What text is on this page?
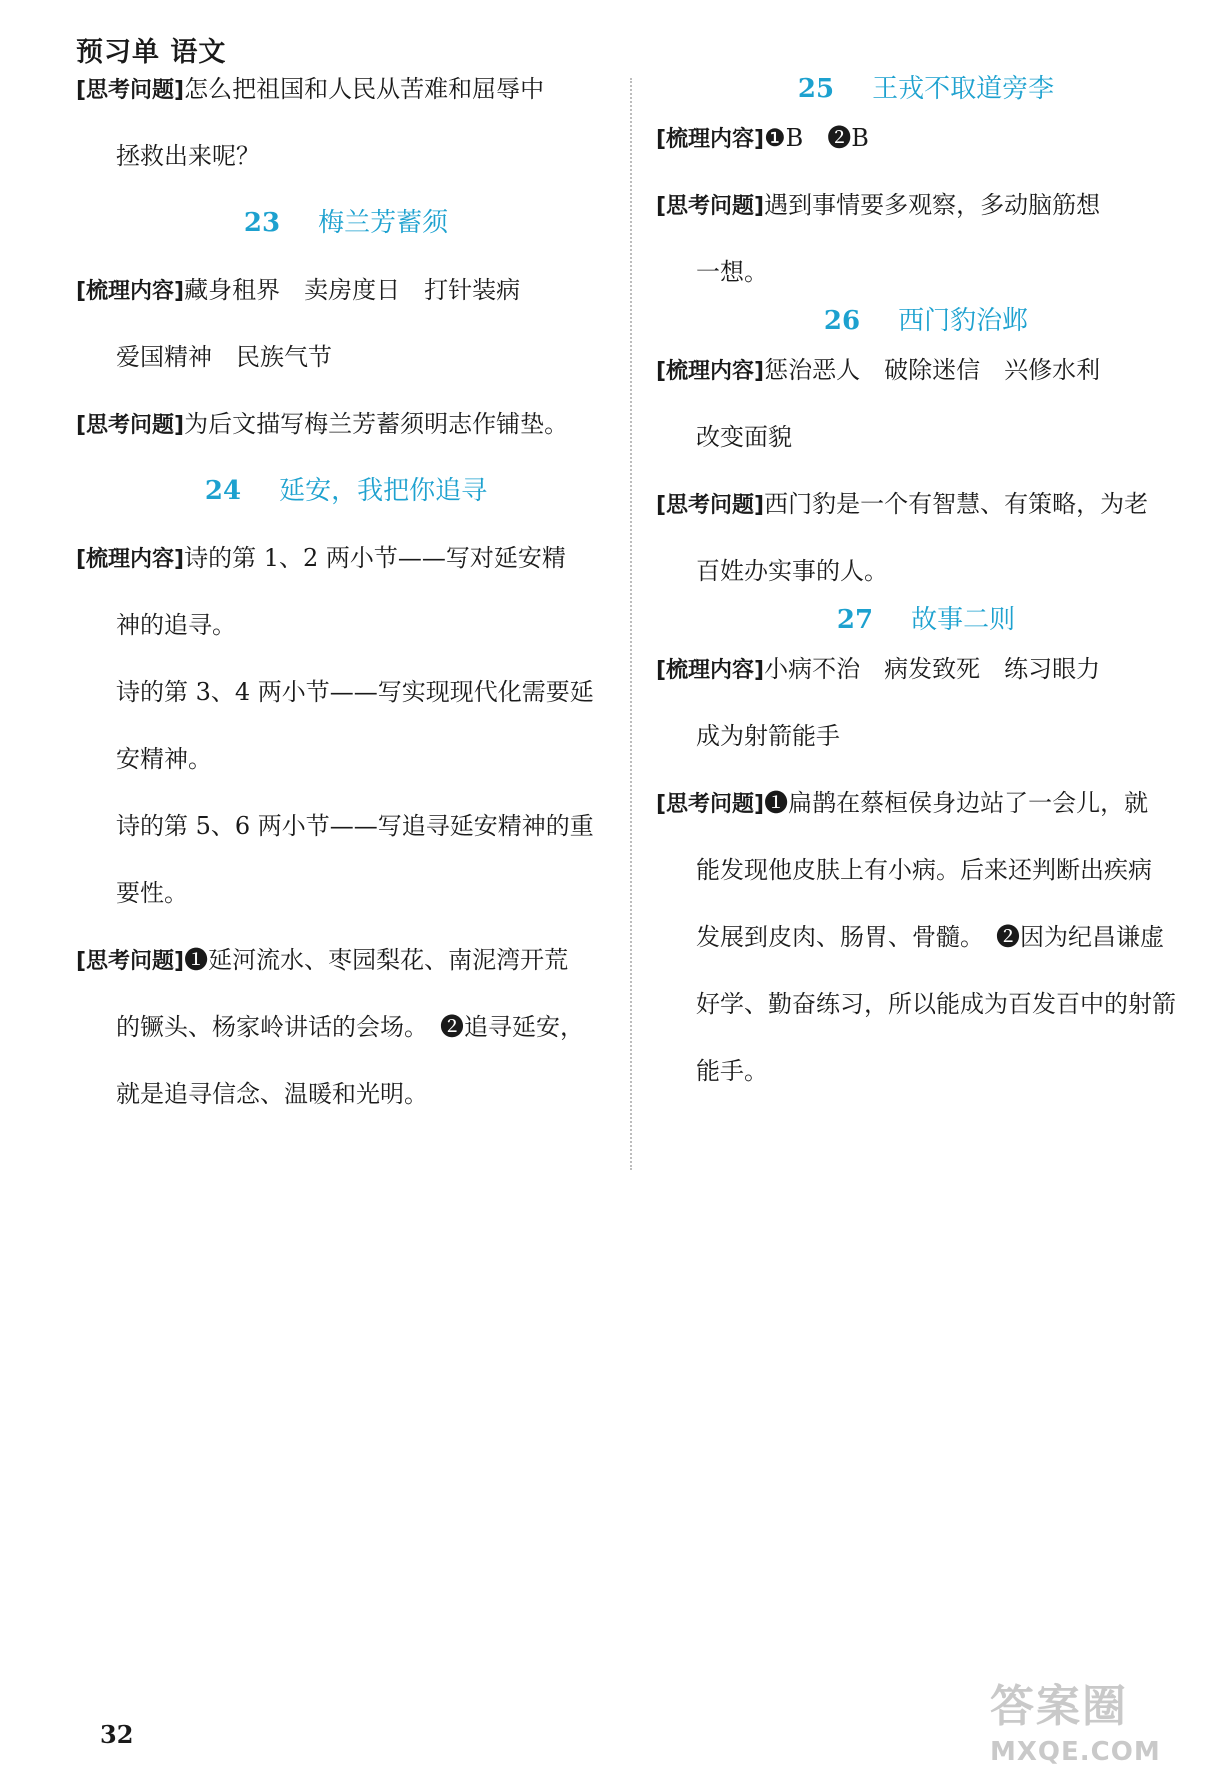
预习单 语文
[思考问题]怎么把祖国和人民从苦难和屈辱中
拯救出来呢？
23 梅兰芳蓄须
[梳理内容]藏身租界　卖房度日　打针装病
爱国精神　民族气节
[思考问题]为后文描写梅兰芳蓄须明志作铺垫。
24 延安，我把你追寻
[梳理内容]诗的第 1、2 两小节——写对延安精
神的追寻。
诗的第 3、4 两小节——写实现现代化需要延
安精神。
诗的第 5、6 两小节——写追寻延安精神的重
要性。
[思考问题]❶延河流水、枣园梨花、南泥湾开荒
的镢头、杨家岭讲话的会场。　❷追寻延安，
就是追寻信念、温暖和光明。
25 王戎不取道旁李
[梳理内容]❶B　❷B
[思考问题]遇到事情要多观察，多动脑筋想
一想。
26 西门豹治邺
[梳理内容]惩治恶人　破除迷信　兴修水利
改变面貌
[思考问题]西门豹是一个有智慧、有策略，为老
百姓办实事的人。
27 故事二则
[梳理内容]小病不治　病发致死　练习眼力
成为射箭能手
[思考问题]❶扁鹊在蔡桓侯身边站了一会儿，就
能发现他皮肤上有小病。后来还判断出疾病
发展到皮肉、肠胃、骨髓。　❷因为纪昌谦虚
好学、勤奋练习，所以能成为百发百中的射箭
能手。
32
答案圈
MXQE.COM
